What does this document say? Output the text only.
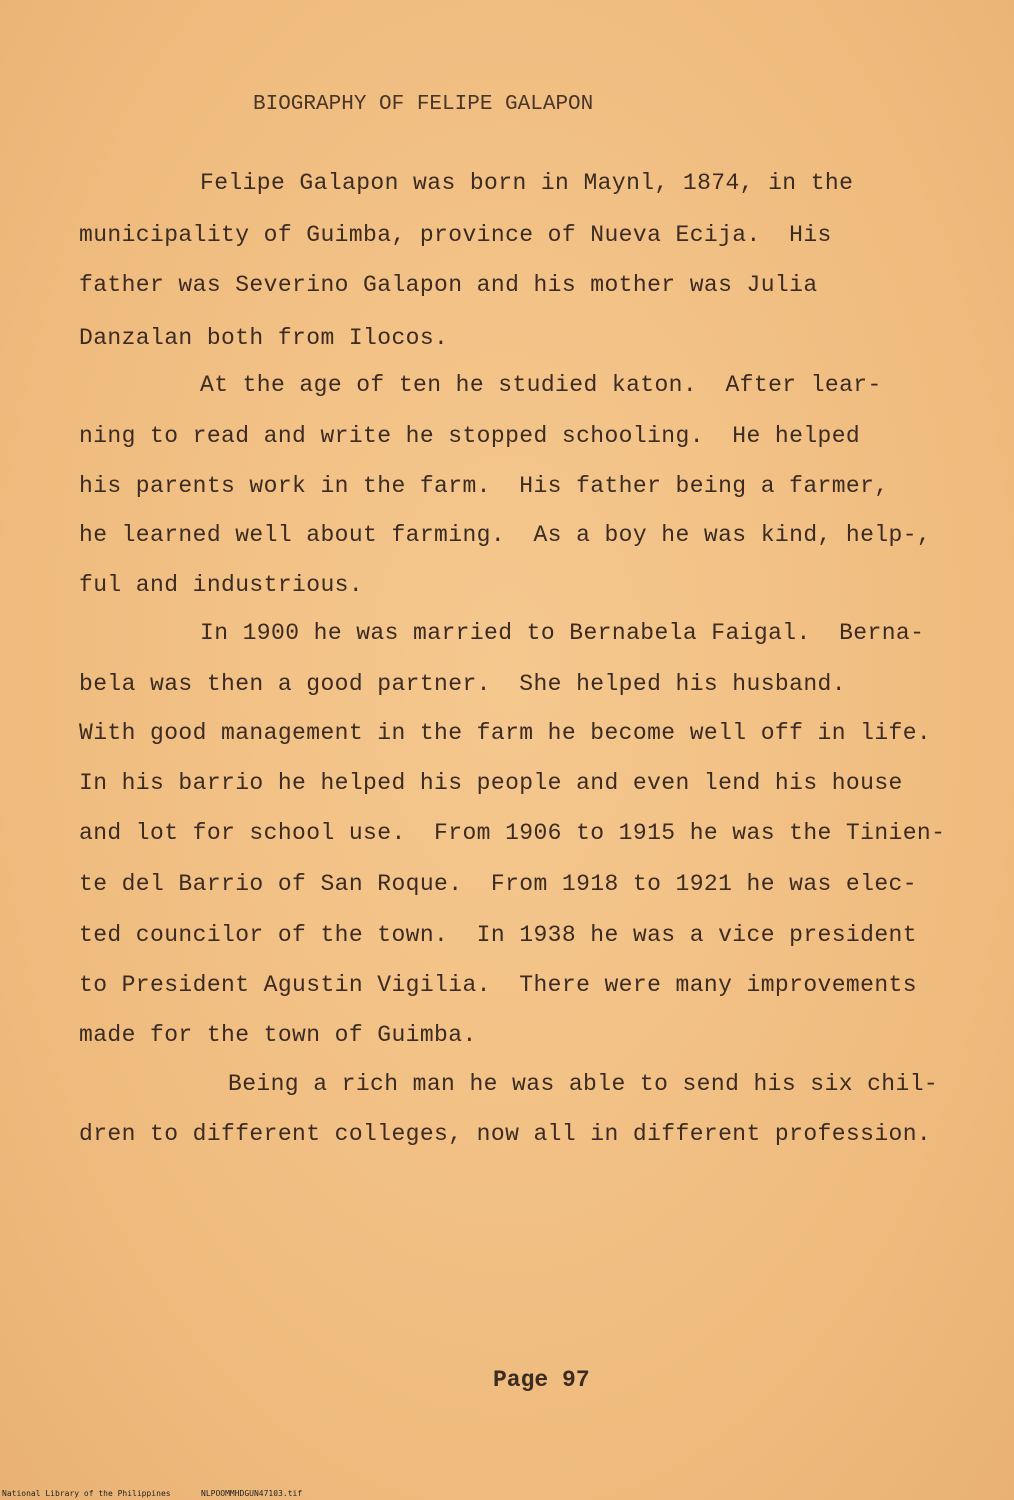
BIOGRAPHY OF FELIPE GALAPON
Felipe Galapon was born in Maynl, 1874, in the
municipality of Guimba, province of Nueva Ecija.  His
father was Severino Galapon and his mother was Julia
Danzalan both from Ilocos.
At the age of ten he studied katon.  After lear-
ning to read and write he stopped schooling.  He helped
his parents work in the farm.  His father being a farmer,
he learned well about farming.  As a boy he was kind, help-,
ful and industrious.
In 1900 he was married to Bernabela Faigal.  Berna-
bela was then a good partner.  She helped his husband.
With good management in the farm he become well off in life.
In his barrio he helped his people and even lend his house
and lot for school use.  From 1906 to 1915 he was the Tinien-
te del Barrio of San Roque.  From 1918 to 1921 he was elec-
ted councilor of the town.  In 1938 he was a vice president
to President Agustin Vigilia.  There were many improvements
made for the town of Guimba.
Being a rich man he was able to send his six chil-
dren to different colleges, now all in different profession.
Page 97
National Library of the Philippines	NLPOOMMHDGUN47103.tif
